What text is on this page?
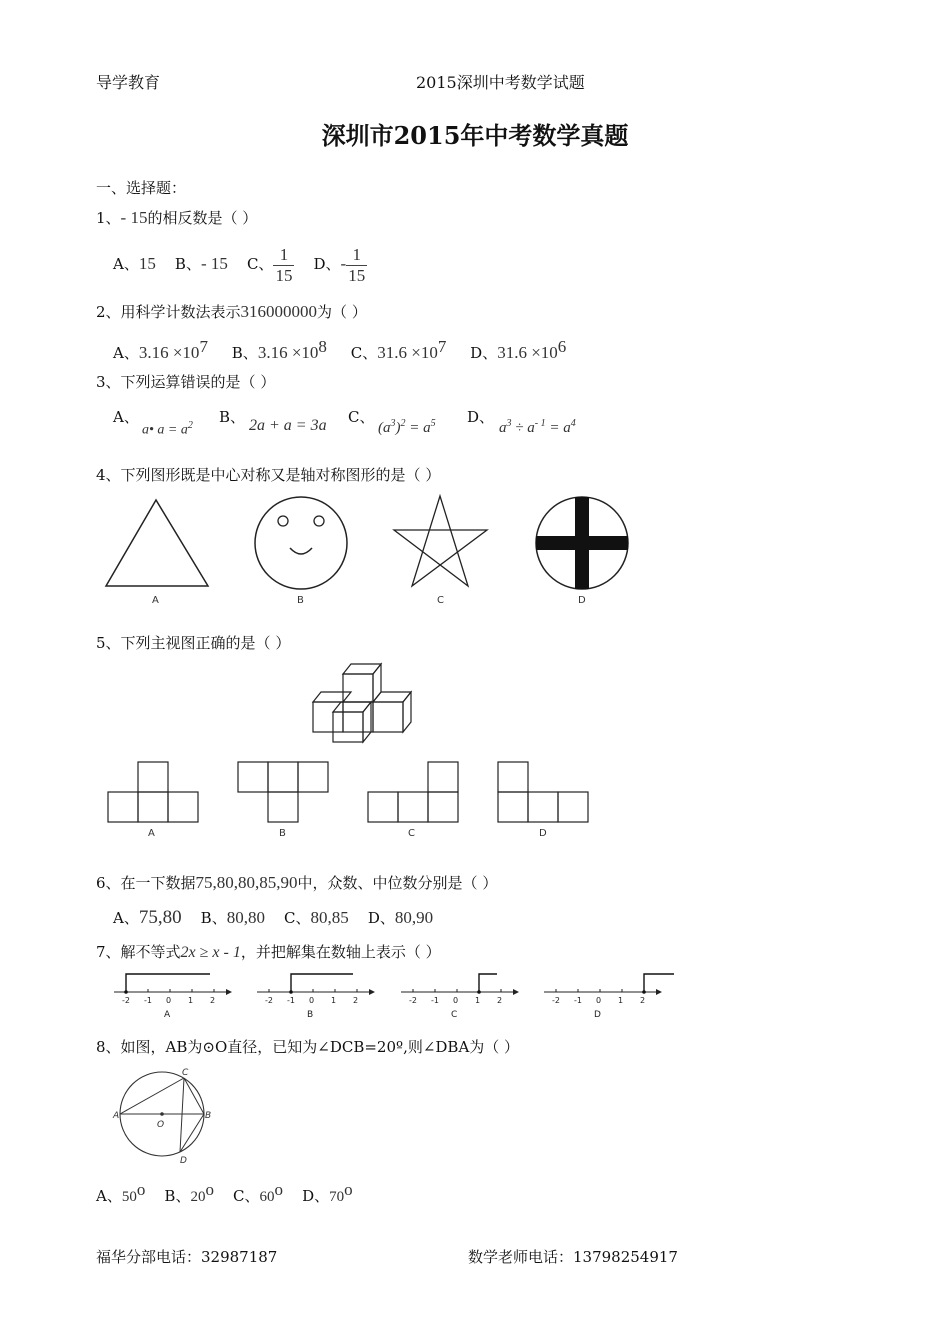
导学教育	2015深圳中考数学试题
深圳市2015年中考数学真题
一、选择题：
1、- 15的相反数是（ ）
A、15 B、- 15 C、 $\frac{1}{15}$ D、- $\frac{1}{15}$
2、用科学计数法表示316000000为（ ）
A、$3.16 \times 10^7$ B、$3.16 \times 10^8$ C、$31.6 \times 10^7$ D、$31.6 \times 10^6$
3、下列运算错误的是（ ）
A、	B、	C、	D、
a• $a = a^2$	2a + a = 3a	$(a^3)^2 = a^5$	$a^3 \div a^{- 1} = a^4$
4、下列图形既是中心对称又是轴对称图形的是（ ）
A	B	C	D
5、下列主视图正确的是（ ）
A	B	C	D
6、在一下数据75,80,80,85,90中，众数、中位数分别是（ ）
A、75,80 B、80,80 C、80,85 D、80,90
7、解不等式2x ≥ x - 1，并把解集在数轴上表示（ ）
-2 -1 0 1 2
A
-2 -1 0 1 2
B
-2 -1 0 1 2
C
-2 -1 0 1 2
D
8、如图，AB为⊙O直径，已知为∠DCB=20º,则∠DBA为（ ）
A	B
C
D
O
A、50$^o$ B、20$^o$ C、60$^o$ D、70$^o$
福华分部电话：32987187	数学老师电话：13798254917
